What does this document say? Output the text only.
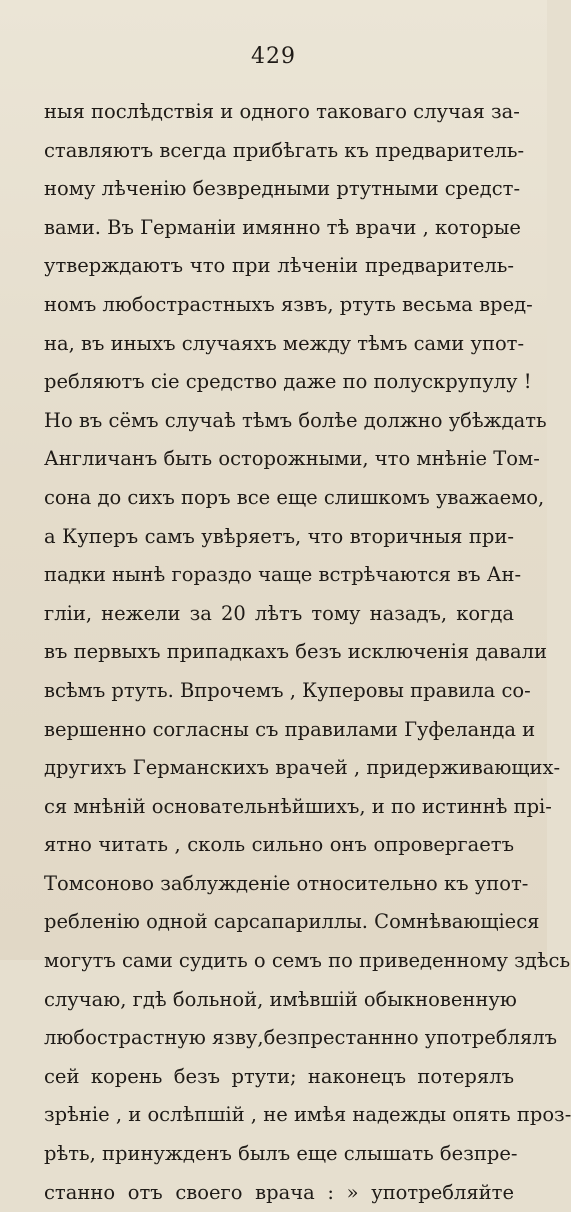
429
ныя послѣдствія и одного таковаго случая за-
ставляютъ всегда прибѣгать къ предваритель-
ному лѣченію безвредными ртутными средст-
вами. Въ Германіи имянно тѣ врачи , которые
утверждаютъ что при лѣченіи предваритель-
номъ любострастныхъ язвъ, ртуть весьма вред-
на, въ иныхъ случаяхъ между тѣмъ сами упот-
ребляютъ сіе средство даже по полускрупулу !
Но въ сёмъ случаѣ тѣмъ болѣе должно убѣждать
Англичанъ быть осторожными, что мнѣніе Том-
сона до сихъ поръ все еще слишкомъ уважаемо,
а Куперъ самъ увѣряетъ, что вторичныя при-
падки нынѣ гораздо чаще встрѣчаются въ Ан-
гліи, нежели за 20 лѣтъ тому назадъ, когда
въ первыхъ припадкахъ безъ исключенія давали
всѣмъ ртуть. Впрочемъ , Куперовы правила со-
вершенно согласны съ правилами Гуфеланда и
другихъ Германскихъ врачей , придерживающих-
ся мнѣній основательнѣйшихъ, и по истиннѣ прі-
ятно читать , сколь сильно онъ опровергаетъ
Томсоново заблужденіе относительно къ упот-
ребленію одной сарсапариллы. Сомнѣвающіеся
могутъ сами судить о семъ по приведенному здѣсь
случаю, гдѣ больной, имѣвшій обыкновенную
любострастную язву,безпрестаннно употреблялъ
сей корень безъ ртути; наконецъ потерялъ
зрѣніе , и ослѣпшій , не имѣя надежды опять проз-
рѣть, принужденъ былъ еще слышать безпре-
станно отъ своего врача : » употребляйте
